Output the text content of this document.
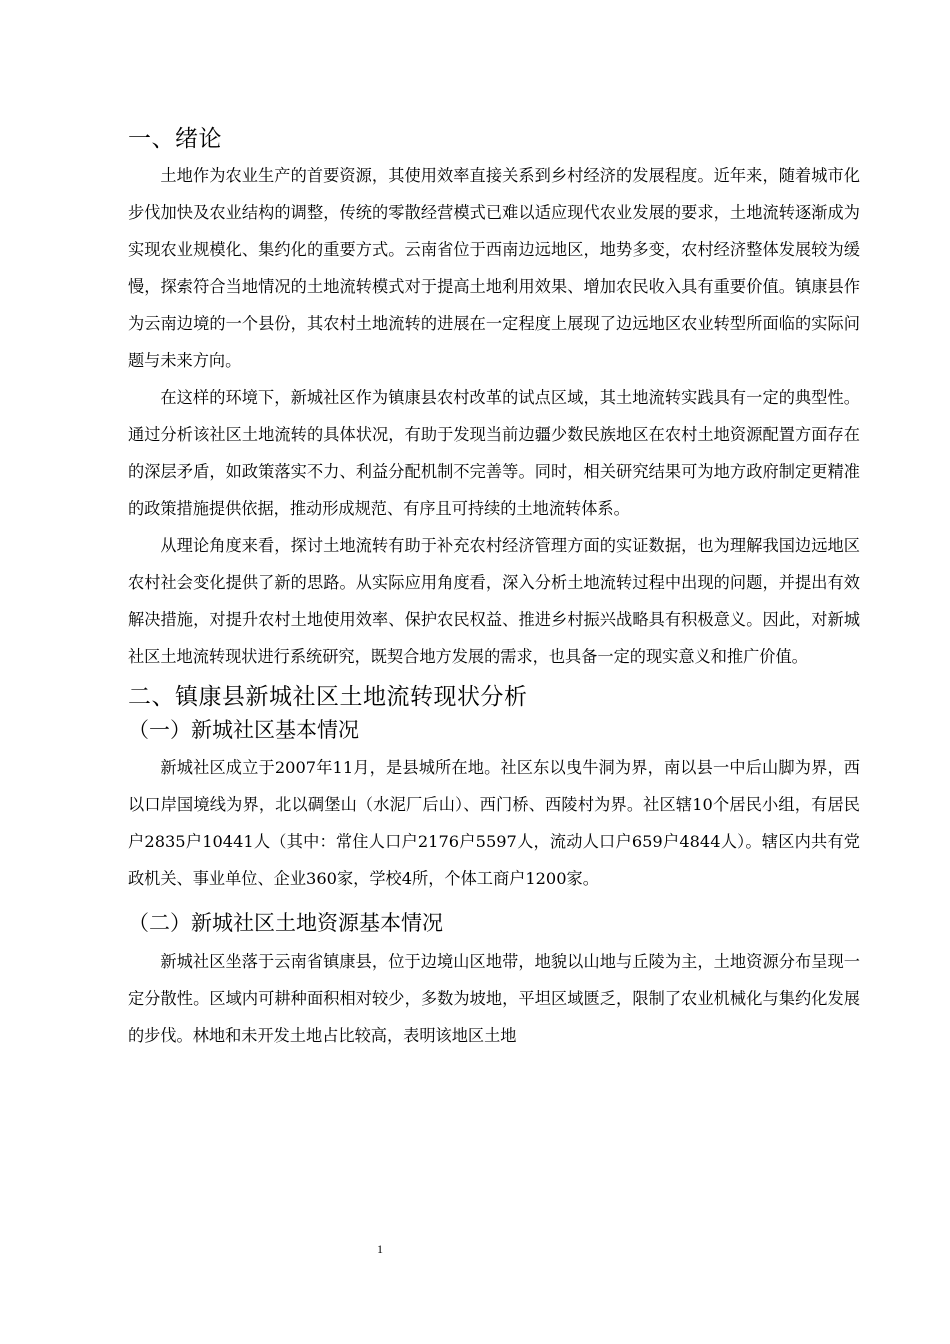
一、绪论

土地作为农业生产的首要资源，其使用效率直接关系到乡村经济的发展程度。近年来，随着城市化步伐加快及农业结构的调整，传统的零散经营模式已难以适应现代农业发展的要求，土地流转逐渐成为实现农业规模化、集约化的重要方式。云南省位于西南边远地区，地势多变，农村经济整体发展较为缓慢，探索符合当地情况的土地流转模式对于提高土地利用效果、增加农民收入具有重要价值。镇康县作为云南边境的一个县份，其农村土地流转的进展在一定程度上展现了边远地区农业转型所面临的实际问题与未来方向。

在这样的环境下，新城社区作为镇康县农村改革的试点区域，其土地流转实践具有一定的典型性。通过分析该社区土地流转的具体状况，有助于发现当前边疆少数民族地区在农村土地资源配置方面存在的深层矛盾，如政策落实不力、利益分配机制不完善等。同时，相关研究结果可为地方政府制定更精准的政策措施提供依据，推动形成规范、有序且可持续的土地流转体系。

从理论角度来看，探讨土地流转有助于补充农村经济管理方面的实证数据，也为理解我国边远地区农村社会变化提供了新的思路。从实际应用角度看，深入分析土地流转过程中出现的问题，并提出有效解决措施，对提升农村土地使用效率、保护农民权益、推进乡村振兴战略具有积极意义。因此，对新城社区土地流转现状进行系统研究，既契合地方发展的需求，也具备一定的现实意义和推广价值。

二、镇康县新城社区土地流转现状分析
（一）新城社区基本情况

新城社区成立于2007年11月，是县城所在地。社区东以曳牛洞为界，南以县一中后山脚为界，西以口岸国境线为界，北以碉堡山（水泥厂后山）、西门桥、西陵村为界。社区辖10个居民小组，有居民户2835户10441人（其中：常住人口户2176户5597人，流动人口户659户4844人）。辖区内共有党政机关、事业单位、企业360家，学校4所，个体工商户1200家。

（二）新城社区土地资源基本情况

新城社区坐落于云南省镇康县，位于边境山区地带，地貌以山地与丘陵为主，土地资源分布呈现一定分散性。区域内可耕种面积相对较少，多数为坡地，平坦区域匮乏，限制了农业机械化与集约化发展的步伐。林地和未开发土地占比较高，表明该地区土地

1
